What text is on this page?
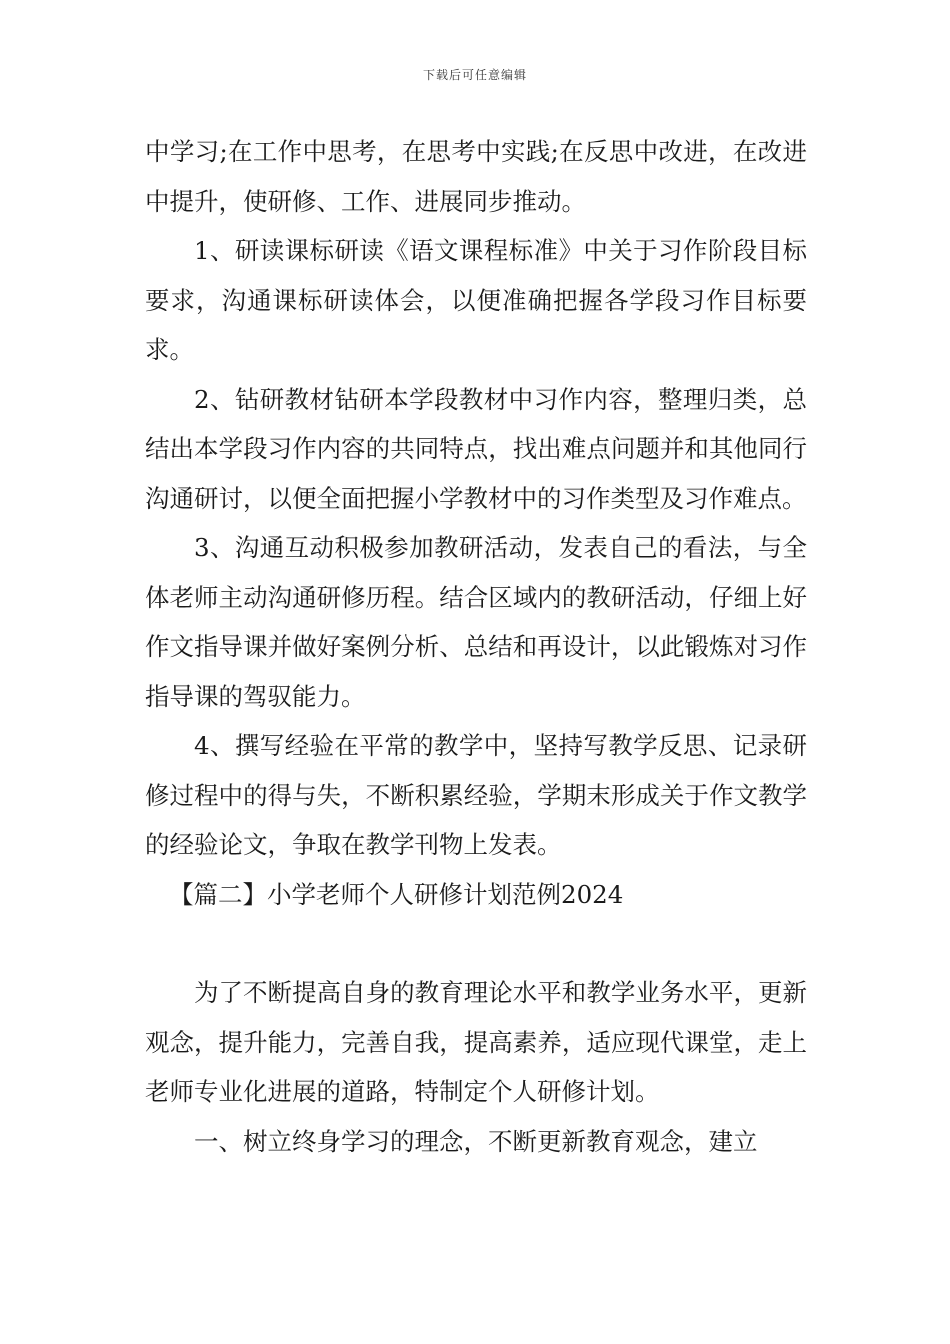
下载后可任意编辑

中学习;在工作中思考，在思考中实践;在反思中改进，在改进中提升，使研修、工作、进展同步推动。

1、研读课标研读《语文课程标准》中关于习作阶段目标要求，沟通课标研读体会，以便准确把握各学段习作目标要求。

2、钻研教材钻研本学段教材中习作内容，整理归类，总结出本学段习作内容的共同特点，找出难点问题并和其他同行沟通研讨，以便全面把握小学教材中的习作类型及习作难点。

3、沟通互动积极参加教研活动，发表自己的看法，与全体老师主动沟通研修历程。结合区域内的教研活动，仔细上好作文指导课并做好案例分析、总结和再设计，以此锻炼对习作指导课的驾驭能力。

4、撰写经验在平常的教学中，坚持写教学反思、记录研修过程中的得与失，不断积累经验，学期末形成关于作文教学的经验论文，争取在教学刊物上发表。

【篇二】小学老师个人研修计划范例2024

为了不断提高自身的教育理论水平和教学业务水平，更新观念，提升能力，完善自我，提高素养，适应现代课堂，走上老师专业化进展的道路，特制定个人研修计划。

一、树立终身学习的理念，不断更新教育观念，建立
